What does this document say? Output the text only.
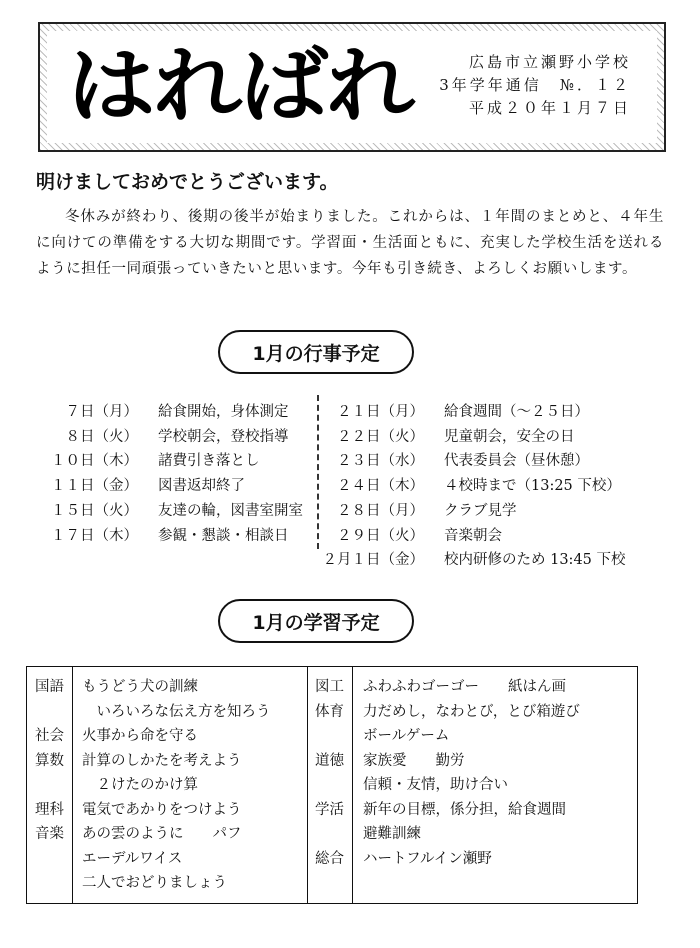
はればれ	広島市立瀬野小学校
3年学年通信　№．１２
平成２０年１月７日
明けましておめでとうございます。
冬休みが終わり、後期の後半が始まりました。これからは、１年間のまとめと、４年生に向けての準備をする大切な期間です。学習面・生活面ともに、充実した学校生活を送れるように担任一同頑張っていきたいと思います。今年も引き続き、よろしくお願いします。
1月の行事予定
７日（月） 給食開始，身体測定
８日（火） 学校朝会，登校指導
１０日（木） 諸費引き落とし
１１日（金） 図書返却終了
１５日（火） 友達の輪，図書室開室
１７日（木） 参観・懇談・相談日
２１日（月） 給食週間（～２５日）
２２日（火） 児童朝会，安全の日
２３日（水） 代表委員会（昼休憩）
２４日（木） ４校時まで（13:25 下校）
２８日（月） クラブ見学
２９日（火） 音楽朝会
２月１日（金） 校内研修のため 13:45 下校
1月の学習予定
国語	もうどう犬の訓練
　いろいろな伝え方を知ろう
社会	火事から命を守る
算数	計算のしかたを考えよう
　２けたのかけ算
理科	電気であかりをつけよう
音楽	あの雲のように　　パフ
エーデルワイス
二人でおどりましょう
図工	ふわふわゴーゴー　　紙はん画
体育	力だめし，なわとび，とび箱遊び
ボールゲーム
道徳	家族愛　　勤労
信頼・友情，助け合い
学活	新年の目標，係分担，給食週間
避難訓練
総合	ハートフルイン瀬野
